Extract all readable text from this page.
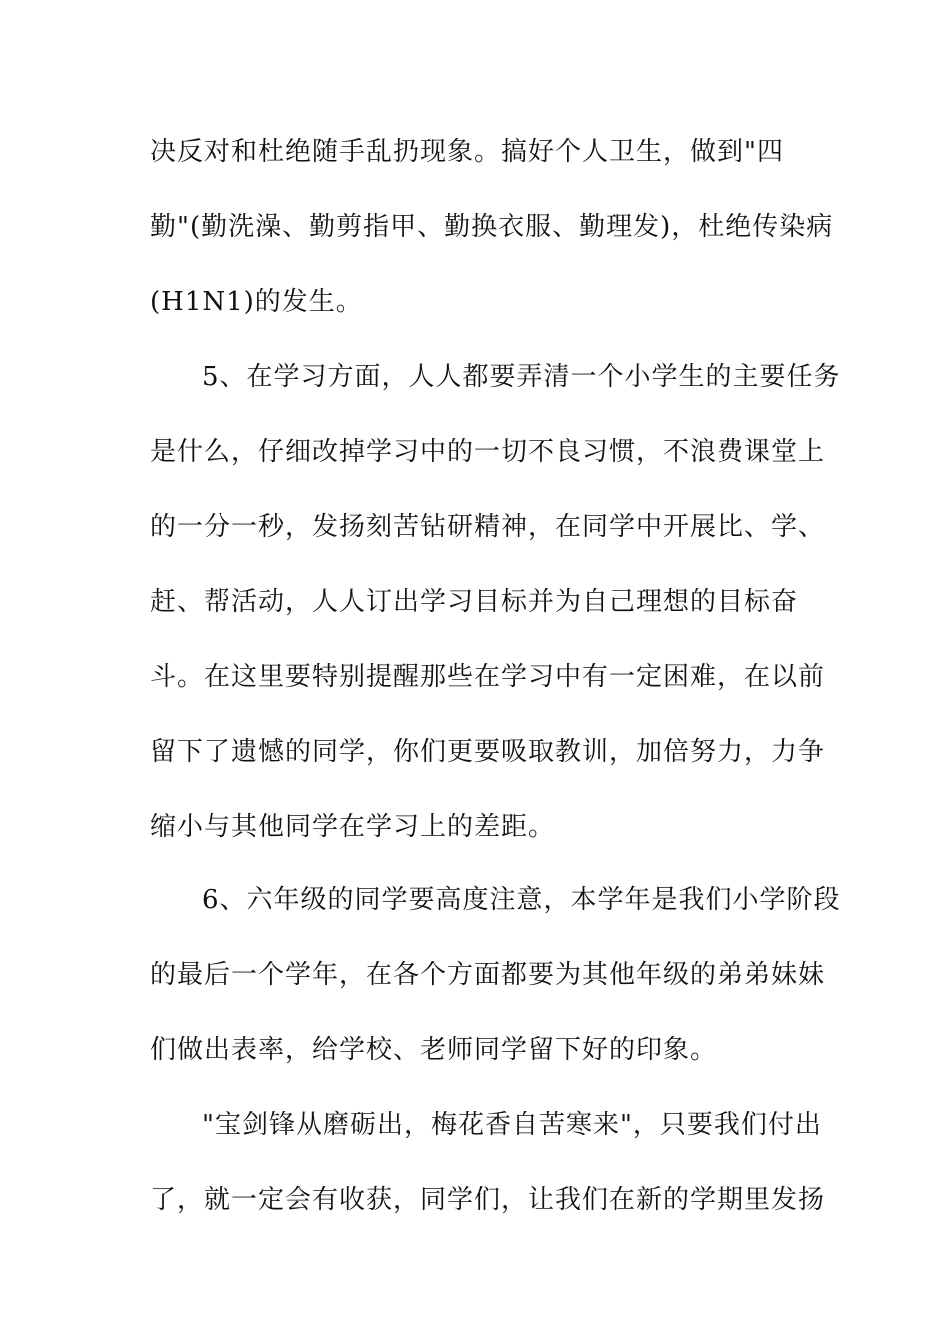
决反对和杜绝随手乱扔现象。搞好个人卫生，做到"四
勤"(勤洗澡、勤剪指甲、勤换衣服、勤理发)，杜绝传染病
(H1N1)的发生。
5、在学习方面，人人都要弄清一个小学生的主要任务
是什么，仔细改掉学习中的一切不良习惯，不浪费课堂上
的一分一秒，发扬刻苦钻研精神，在同学中开展比、学、
赶、帮活动，人人订出学习目标并为自己理想的目标奋
斗。在这里要特别提醒那些在学习中有一定困难，在以前
留下了遗憾的同学，你们更要吸取教训，加倍努力，力争
缩小与其他同学在学习上的差距。
6、六年级的同学要高度注意，本学年是我们小学阶段
的最后一个学年，在各个方面都要为其他年级的弟弟妹妹
们做出表率，给学校、老师同学留下好的印象。
"宝剑锋从磨砺出，梅花香自苦寒来"，只要我们付出
了，就一定会有收获，同学们，让我们在新的学期里发扬
